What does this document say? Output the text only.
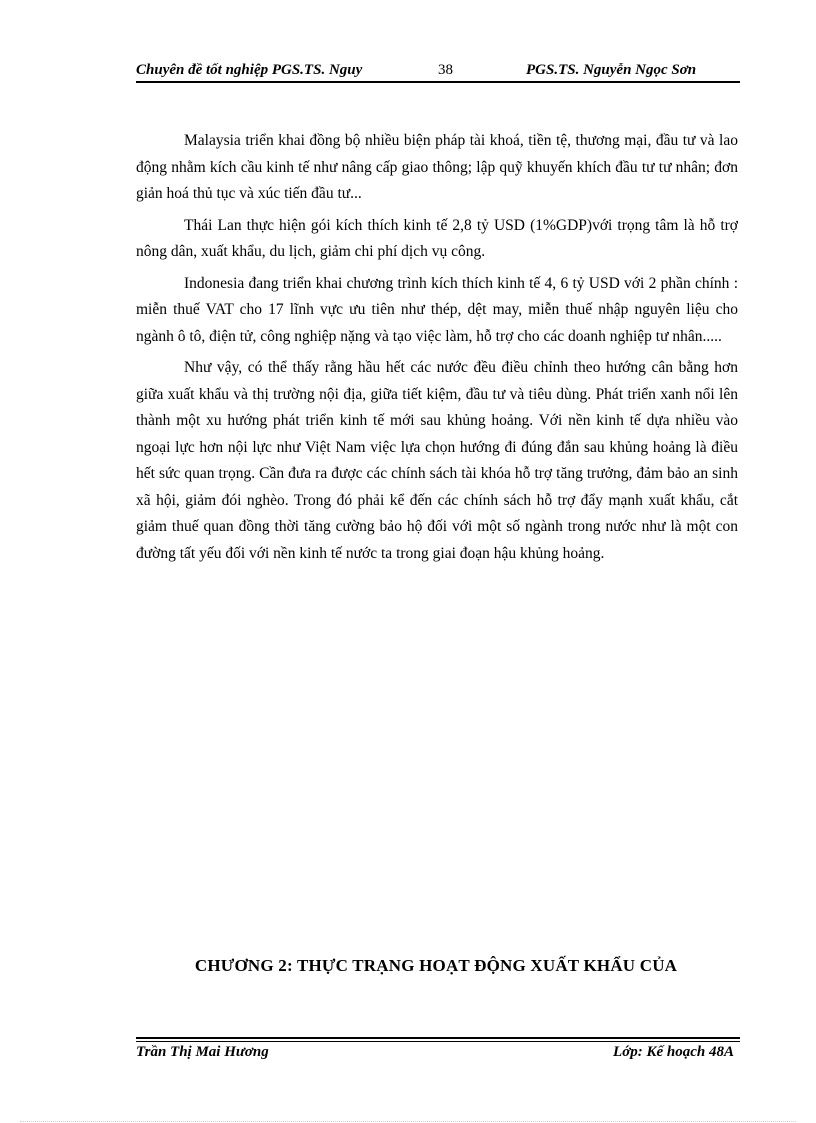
Chuyên đề tốt nghiệp PGS.TS. Nguy	38	PGS.TS. Nguyễn Ngọc Sơn

Malaysia triển khai đồng bộ nhiều biện pháp tài khoá, tiền tệ, thương mại, đầu tư và lao động nhằm kích cầu kinh tế như nâng cấp giao thông; lập quỹ khuyến khích đầu tư tư nhân; đơn giản hoá thủ tục và xúc tiến đầu tư...

Thái Lan thực hiện gói kích thích kinh tế 2,8 tỷ USD (1%GDP)với trọng tâm là hỗ trợ nông dân, xuất khẩu, du lịch, giảm chi phí dịch vụ công.

Indonesia đang triển khai chương trình kích thích kinh tế 4, 6 tỷ USD với 2 phần chính : miễn thuế VAT cho 17 lĩnh vực ưu tiên như thép, dệt may, miễn thuế nhập nguyên liệu cho ngành ô tô, điện tử, công nghiệp nặng và tạo việc làm, hỗ trợ cho các doanh nghiệp tư nhân.....

Như vậy, có thể thấy rằng hầu hết các nước đều điều chỉnh theo hướng cân bằng hơn giữa xuất khẩu và thị trường nội địa, giữa tiết kiệm, đầu tư và tiêu dùng. Phát triển xanh nổi lên thành một xu hướng phát triển kinh tế mới sau khủng hoảng. Với nền kinh tế dựa nhiều vào ngoại lực hơn nội lực như Việt Nam việc lựa chọn hướng đi đúng đắn sau khủng hoảng là điều hết sức quan trọng. Cần đưa ra được các chính sách tài khóa hỗ trợ tăng trưởng, đảm bảo an sinh xã hội, giảm đói nghèo. Trong đó phải kể đến các chính sách hỗ trợ đẩy mạnh xuất khẩu, cắt giảm thuế quan đồng thời tăng cường bảo hộ đối với một số ngành trong nước như là một con đường tất yếu đối với nền kinh tế nước ta trong giai đoạn hậu khủng hoảng.

CHƯƠNG 2: THỰC TRẠNG HOẠT ĐỘNG XUẤT KHẨU CỦA
Trần Thị Mai Hương	Lớp: Kế hoạch 48A
